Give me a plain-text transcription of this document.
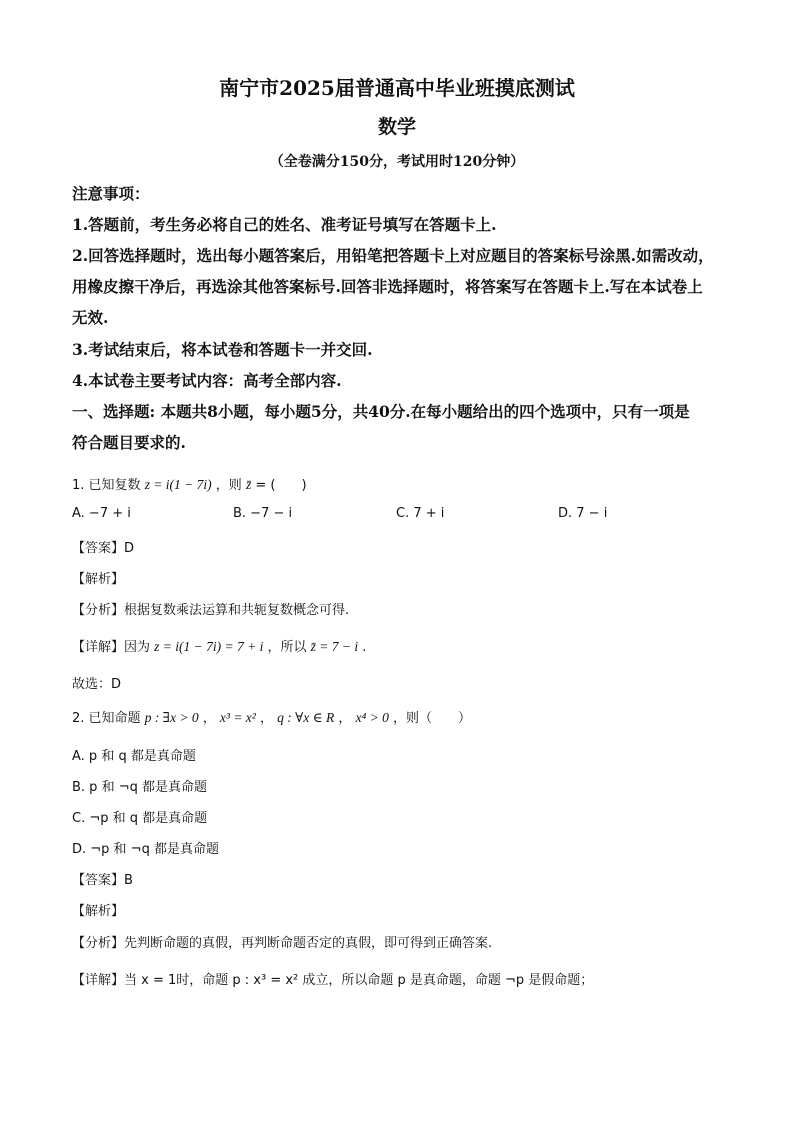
南宁市2025届普通高中毕业班摸底测试
数学
（全卷满分150分，考试用时120分钟）
注意事项：
1.答题前，考生务必将自己的姓名、准考证号填写在答题卡上.
2.回答选择题时，选出每小题答案后，用铅笔把答题卡上对应题目的答案标号涂黑.如需改动，
用橡皮擦干净后，再选涂其他答案标号.回答非选择题时，将答案写在答题卡上.写在本试卷上
无效.
3.考试结束后，将本试卷和答题卡一并交回.
4.本试卷主要考试内容：高考全部内容.
一、选择题: 本题共8小题，每小题5分，共40分.在每小题给出的四个选项中，只有一项是
符合题目要求的.
1. 已知复数 z = i(1 − 7i) ，则 z̄ = (　　)
A. −7 + i	B. −7 − i	C. 7 + i	D. 7 − i
【答案】D
【解析】
【分析】根据复数乘法运算和共轭复数概念可得.
【详解】因为 z = i(1 − 7i) = 7 + i ，所以 z̄ = 7 − i .
故选：D
2. 已知命题 p : ∃x > 0 ， x³ = x² ， q : ∀x ∈ R ， x⁴ > 0 ，则（　　）
A. p 和 q 都是真命题
B. p 和 ¬q 都是真命题
C. ¬p 和 q 都是真命题
D. ¬p 和 ¬q 都是真命题
【答案】B
【解析】
【分析】先判断命题的真假，再判断命题否定的真假，即可得到正确答案.
【详解】当 x = 1时，命题 p : x³ = x² 成立，所以命题 p 是真命题，命题 ¬p 是假命题；
